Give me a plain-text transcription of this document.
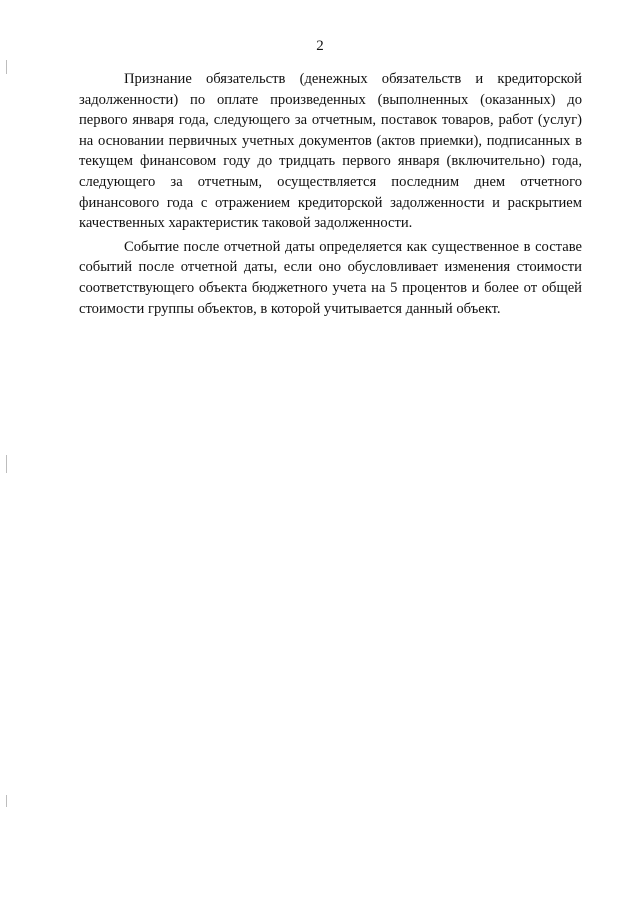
2

Признание обязательств (денежных обязательств и кредиторской задолженности) по оплате произведенных (выполненных (оказанных) до первого января года, следующего за отчетным, поставок товаров, работ (услуг) на основании первичных учетных документов (актов приемки), подписанных в текущем финансовом году до тридцать первого января (включительно) года, следующего за отчетным, осуществляется последним днем отчетного финансового года с отражением кредиторской задолженности и раскрытием качественных характеристик таковой задолженности.

Событие после отчетной даты определяется как существенное в составе событий после отчетной даты, если оно обусловливает изменения стоимости соответствующего объекта бюджетного учета на 5 процентов и более от общей стоимости группы объектов, в которой учитывается данный объект.
